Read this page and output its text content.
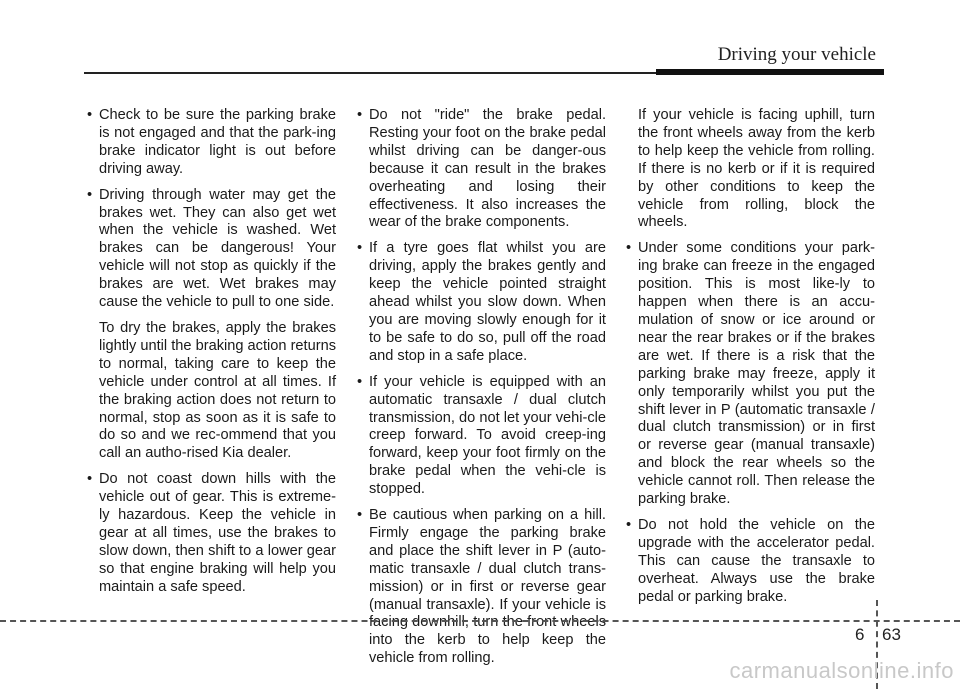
Driving your vehicle
• Check to be sure the parking brake is not engaged and that the park-ing brake indicator light is out before driving away.
• Driving through water may get the brakes wet. They can also get wet when the vehicle is washed. Wet brakes can be dangerous! Your vehicle will not stop as quickly if the brakes are wet. Wet brakes may cause the vehicle to pull to one side.

To dry the brakes, apply the brakes lightly until the braking action returns to normal, taking care to keep the vehicle under control at all times. If the braking action does not return to normal, stop as soon as it is safe to do so and we rec-ommend that you call an autho-rised Kia dealer.

• Do not coast down hills with the vehicle out of gear. This is extreme-ly hazardous. Keep the vehicle in gear at all times, use the brakes to slow down, then shift to a lower gear so that engine braking will help you maintain a safe speed.
• Do not "ride" the brake pedal. Resting your foot on the brake pedal whilst driving can be danger-ous because it can result in the brakes overheating and losing their effectiveness. It also increases the wear of the brake components.
• If a tyre goes flat whilst you are driving, apply the brakes gently and keep the vehicle pointed straight ahead whilst you slow down. When you are moving slowly enough for it to be safe to do so, pull off the road and stop in a safe place.
• If your vehicle is equipped with an automatic transaxle / dual clutch transmission, do not let your vehi-cle creep forward. To avoid creep-ing forward, keep your foot firmly on the brake pedal when the vehi-cle is stopped.
• Be cautious when parking on a hill. Firmly engage the parking brake and place the shift lever in P (auto-matic transaxle / dual clutch trans-mission) or in first or reverse gear (manual transaxle). If your vehicle is facing downhill, turn the front wheels into the kerb to help keep the vehicle from rolling.

If your vehicle is facing uphill, turn the front wheels away from the kerb to help keep the vehicle from rolling. If there is no kerb or if it is required by other conditions to keep the vehicle from rolling, block the wheels.

• Under some conditions your park-ing brake can freeze in the engaged position. This is most like-ly to happen when there is an accu-mulation of snow or ice around or near the rear brakes or if the brakes are wet. If there is a risk that the parking brake may freeze, apply it only temporarily whilst you put the shift lever in P (automatic transaxle / dual clutch transmission) or in first or reverse gear (manual transaxle) and block the rear wheels so the vehicle cannot roll. Then release the parking brake.
• Do not hold the vehicle on the upgrade with the accelerator pedal. This can cause the transaxle to overheat. Always use the brake pedal or parking brake.
6 63
carmanualsonline.info
